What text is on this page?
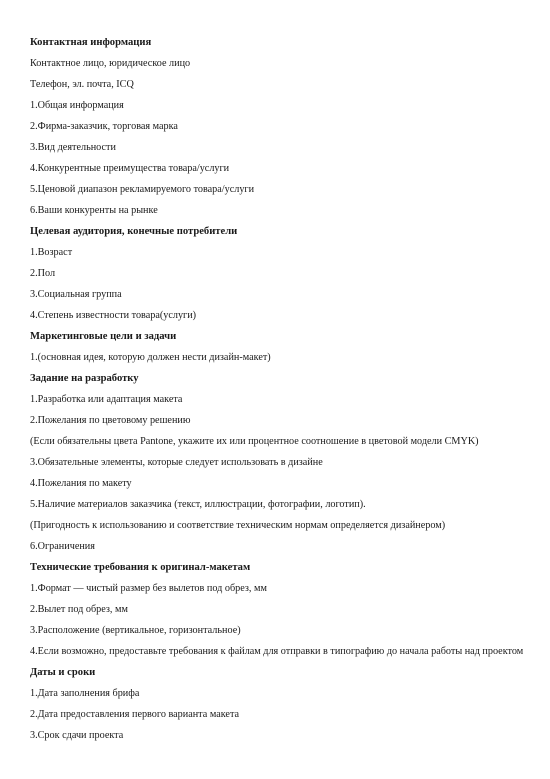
Контактная информация
Контактное лицо, юридическое лицо
Телефон, эл. почта, ICQ
1.Общая информация
2.Фирма-заказчик, торговая марка
3.Вид деятельности
4.Конкурентные преимущества товара/услуги
5.Ценовой диапазон рекламируемого товара/услуги
6.Ваши конкуренты на рынке
Целевая аудитория, конечные потребители
1.Возраст
2.Пол
3.Социальная группа
4.Степень известности товара(услуги)
Маркетинговые цели и задачи
1.(основная идея, которую должен нести дизайн-макет)
Задание на разработку
1.Разработка или адаптация макета
2.Пожелания по цветовому решению
(Если обязательны цвета Pantone, укажите их или процентное соотношение в цветовой модели CMYK)
3.Обязательные элементы, которые следует использовать в дизайне
4.Пожелания по макету
5.Наличие материалов заказчика (текст, иллюстрации, фотографии, логотип).
(Пригодность к использованию и соответствие техническим нормам определяется дизайнером)
6.Ограничения
Технические требования к оригинал-макетам
1.Формат — чистый размер без вылетов под обрез, мм
2.Вылет под обрез, мм
3.Расположение (вертикальное, горизонтальное)
4.Если возможно, предоставьте требования к файлам для отправки в типографию до начала работы над проектом
Даты и сроки
1.Дата заполнения брифа
2.Дата предоставления первого варианта макета
3.Срок сдачи проекта
